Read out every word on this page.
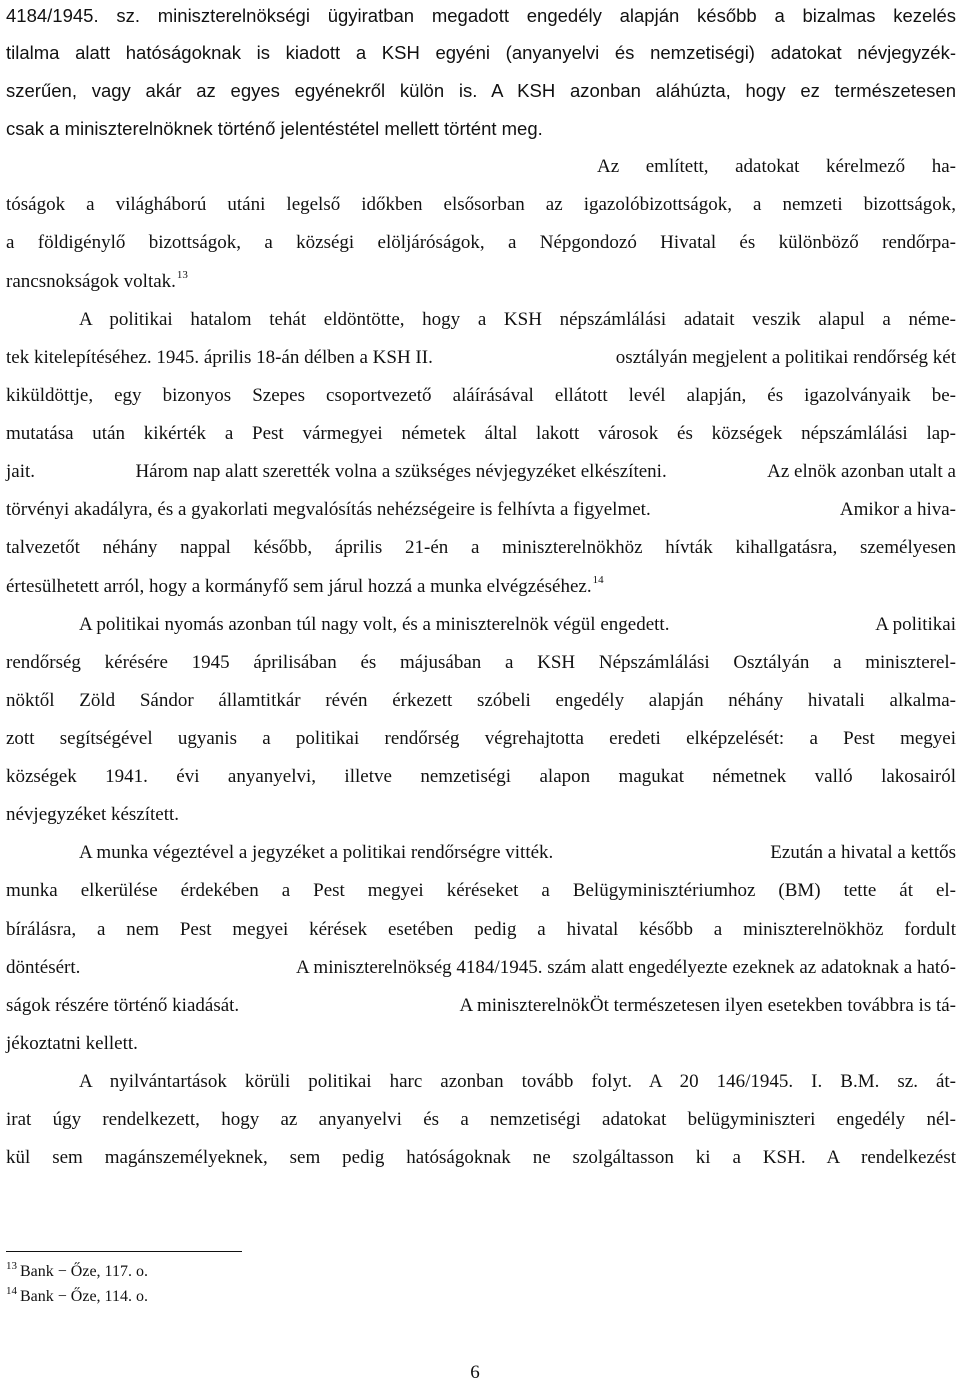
4184/1945. sz. miniszterelnökségi ügyiratban megadott engedély alapján később a bizalmas kezelés
tilalma alatt hatóságoknak is kiadott a KSH egyéni (anyanyelvi és nemzetiségi) adatokat névjegyzék-
szerűen, vagy akár az egyes egyénekről külön is. A KSH azonban aláhúzta, hogy ez természetesen
csak a miniszterelnöknek történő jelentéstétel mellett történt meg.
Az említett, adatokat kérelmező ha-
tóságok a világháború utáni legelső időkben elsősorban az igazolóbizottságok, a nemzeti bizottságok,
a földigénylő bizottságok, a községi elöljáróságok, a Népgondozó Hivatal és különböző rendőrpa-
rancsnokságok voltak.$^{13}$
A politikai hatalom tehát eldöntötte, hogy a KSH népszámlálási adatait veszik alapul a néme-
tek kitelepítéséhez. 1945. április 18-án délben a KSH II.	osztályán megjelent a politikai rendőrség két
kiküldöttje, egy bizonyos Szepes csoportvezető aláírásával ellátott levél alapján, és igazolványaik be-
mutatása után kikérték a Pest vármegyei németek által lakott városok és községek népszámlálási lap-
jait.	Három nap alatt szerették volna a szükséges névjegyzéket elkészíteni.	Az elnök azonban utalt a
törvényi akadályra, és a gyakorlati megvalósítás nehézségeire is felhívta a figyelmet.	Amikor a hiva-
talvezetőt néhány nappal később, április 21-én a miniszterelnökhöz hívták kihallgatásra, személyesen
értesülhetett arról, hogy a kormányfő sem járul hozzá a munka elvégzéséhez.$^{14}$
A politikai nyomás azonban túl nagy volt, és a miniszterelnök végül engedett.	A politikai
rendőrség kérésére 1945 áprilisában és májusában a KSH Népszámlálási Osztályán a miniszterel-
nöktől Zöld Sándor államtitkár révén érkezett szóbeli engedély alapján néhány hivatali alkalma-
zott segítségével ugyanis a politikai rendőrség végrehajtotta eredeti elképzelését: a Pest megyei
községek 1941. évi anyanyelvi, illetve nemzetiségi alapon magukat németnek valló lakosairól
névjegyzéket készített.
A munka végeztével a jegyzéket a politikai rendőrségre vitték.	Ezután a hivatal a kettős
munka elkerülése érdekében a Pest megyei kéréseket a Belügyminisztériumhoz (BM) tette át el-
bírálásra, a nem Pest megyei kérések esetében pedig a hivatal később a miniszterelnökhöz fordult
döntésért.	A miniszterelnökség 4184/1945. szám alatt engedélyezte ezeknek az adatoknak a ható-
ságok részére történő kiadását.	A miniszterelnökÖt természetesen ilyen esetekben továbbra is tá-
jékoztatni kellett.
A nyilvántartások körüli politikai harc azonban tovább folyt. A 20 146/1945. I. B.M. sz. át-
irat úgy rendelkezett, hogy az anyanyelvi és a nemzetiségi adatokat belügyminiszteri engedély nél-
kül sem magánszemélyeknek, sem pedig hatóságoknak ne szolgáltasson ki a KSH. A rendelkezést
$^{13}$ Bank − Őze, 117. o.
$^{14}$ Bank − Őze, 114. o.
6
